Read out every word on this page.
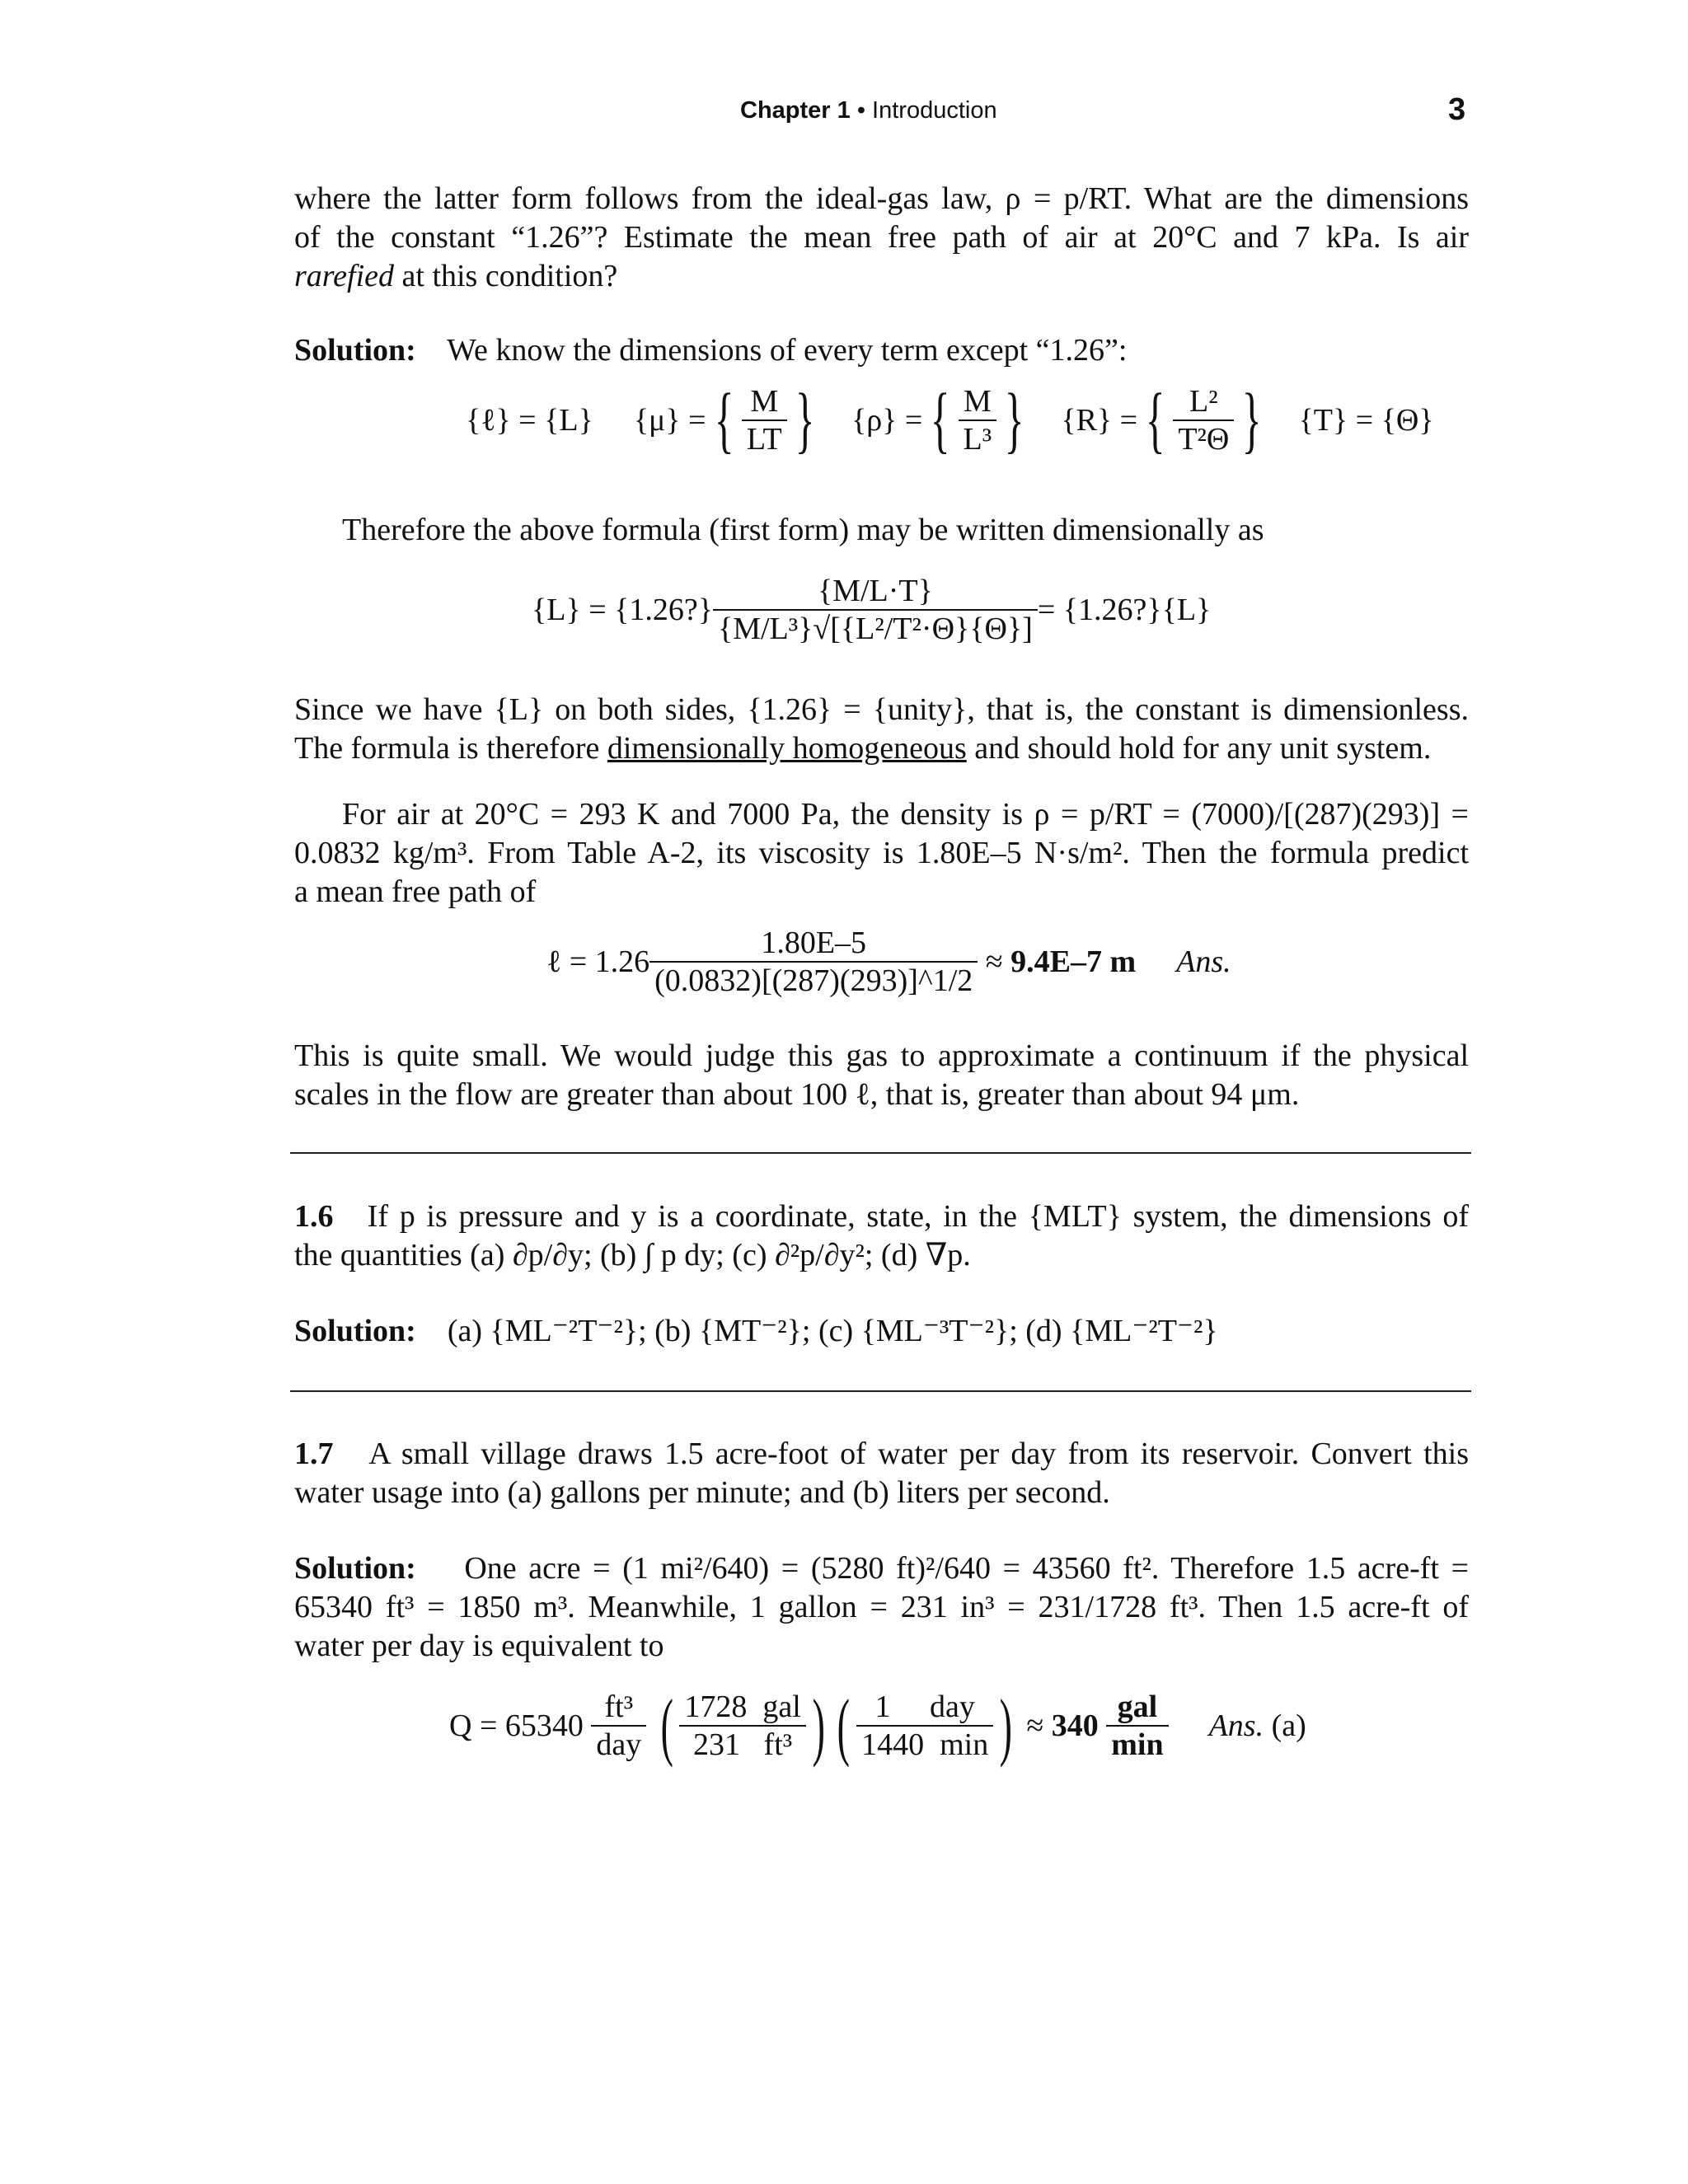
Chapter 1 • Introduction	3
where the latter form follows from the ideal-gas law, ρ = p/RT. What are the dimensions
of the constant “1.26”? Estimate the mean free path of air at 20°C and 7 kPa. Is air
rarefied at this condition?
Solution: We know the dimensions of every term except “1.26”:
{ℓ} = {L} {μ} = { $\frac{M}{LT}$ } {ρ} = { $\frac{M}{\text{L³}}$ } {R} = { $\frac{\text{L²}}{\text{T²Θ}}$ } {T} = {Θ}
Therefore the above formula (first form) may be written dimensionally as
{L} = {1.26?} $\frac{\{M/L\cdot T\}}{\text{\{M/L³\}√[\{L²/T²·Θ\}\{Θ\}]}}$ = {1.26?}{L}
Since we have {L} on both sides, {1.26} = {unity}, that is, the constant is dimensionless.
The formula is therefore dimensionally homogeneous and should hold for any unit system.
For air at 20°C = 293 K and 7000 Pa, the density is ρ = p/RT = (7000)/[(287)(293)] =
0.0832 kg/m³. From Table A-2, its viscosity is 1.80E–5 N·s/m². Then the formula predict
a mean free path of
ℓ = $1.26 \frac{1.80E-5}{(0.0832)[(287)(293)]\^{}1/2} \approx 9.4E-7$ m Ans.
This is quite small. We would judge this gas to approximate a continuum if the physical
scales in the flow are greater than about 100 ℓ, that is, greater than about 94 μm.
1.6 If p is pressure and y is a coordinate, state, in the {MLT} system, the dimensions of
the quantities (a) ∂p/∂y; (b) ∫ p dy; (c) ∂²p/∂y²; (d) ∇p.
Solution: (a) {ML⁻²T⁻²}; (b) {MT⁻²}; (c) {ML⁻³T⁻²}; (d) {ML⁻²T⁻²}
1.7 A small village draws 1.5 acre-foot of water per day from its reservoir. Convert this
water usage into (a) gallons per minute; and (b) liters per second.
Solution: One acre = (1 mi²/640) = (5280 ft)²/640 = 43560 ft². Therefore 1.5 acre-ft =
65340 ft³ = 1850 m³. Meanwhile, 1 gallon = 231 in³ = 231/1728 ft³. Then 1.5 acre-ft of
water per day is equivalent to
$Q = 65340 \frac{\text{ft³}}{\text{day}}$ ( $\frac{\text{1728  gal}}{\text{231   ft³}}$ ) ( $\frac{\text{1     day}}{1440 \min}$ ) ≈ $340 \frac{\text{gal}}{\min}$ Ans. (a)
